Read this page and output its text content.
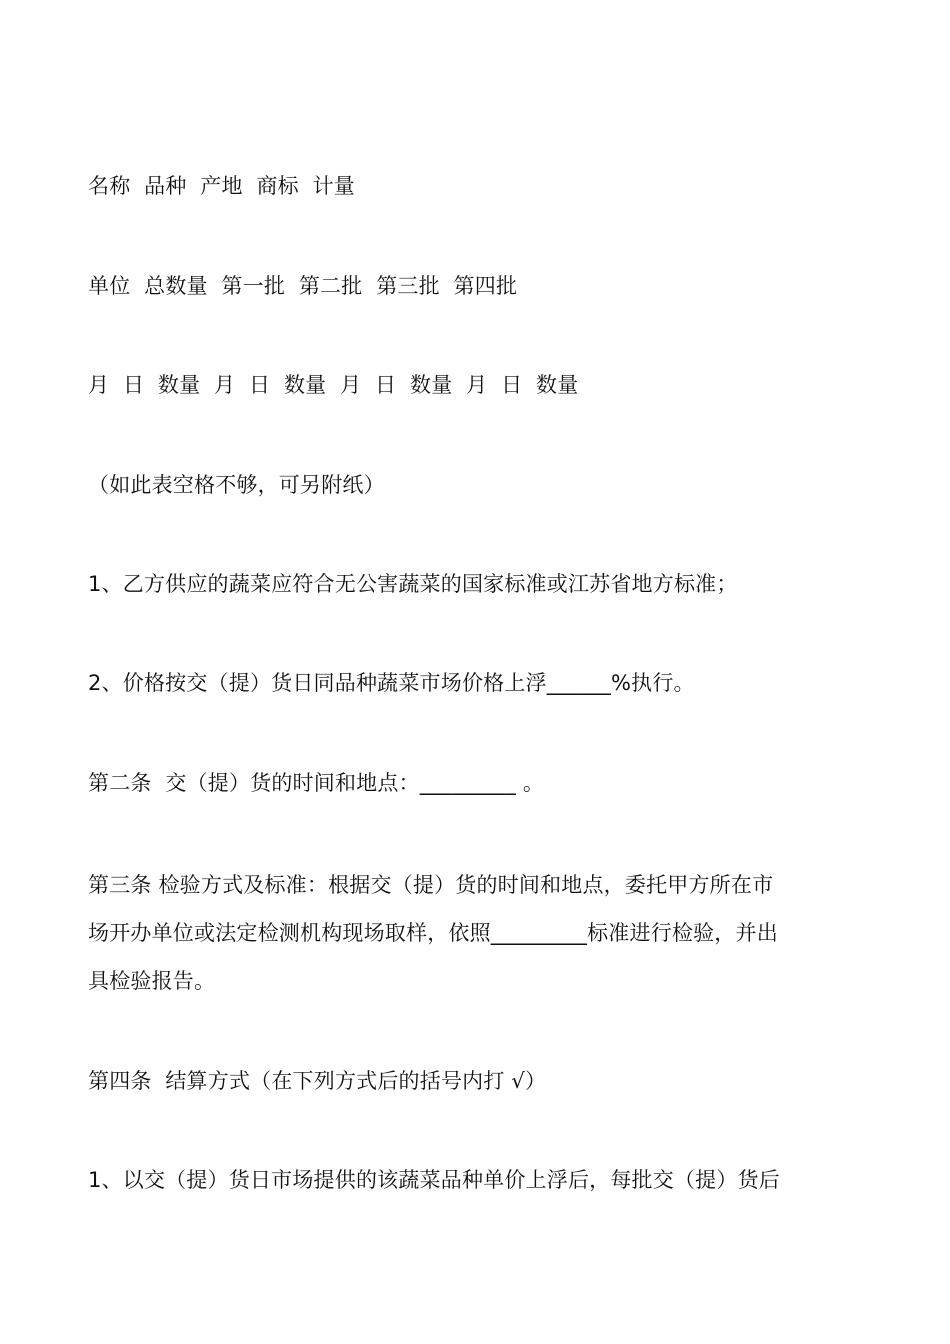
名称  品种  产地  商标  计量
单位  总数量  第一批  第二批  第三批  第四批
月  日  数量  月  日  数量  月  日  数量  月  日  数量
（如此表空格不够，可另附纸）
1、乙方供应的蔬菜应符合无公害蔬菜的国家标准或江苏省地方标准；
2、价格按交（提）货日同品种蔬菜市场价格上浮______%执行。
第二条  交（提）货的时间和地点：_________ 。
第三条 检验方式及标准：根据交（提）货的时间和地点，委托甲方所在市
场开办单位或法定检测机构现场取样，依照_________标准进行检验，并出
具检验报告。
第四条  结算方式（在下列方式后的括号内打 √）
1、以交（提）货日市场提供的该蔬菜品种单价上浮后，每批交（提）货后
